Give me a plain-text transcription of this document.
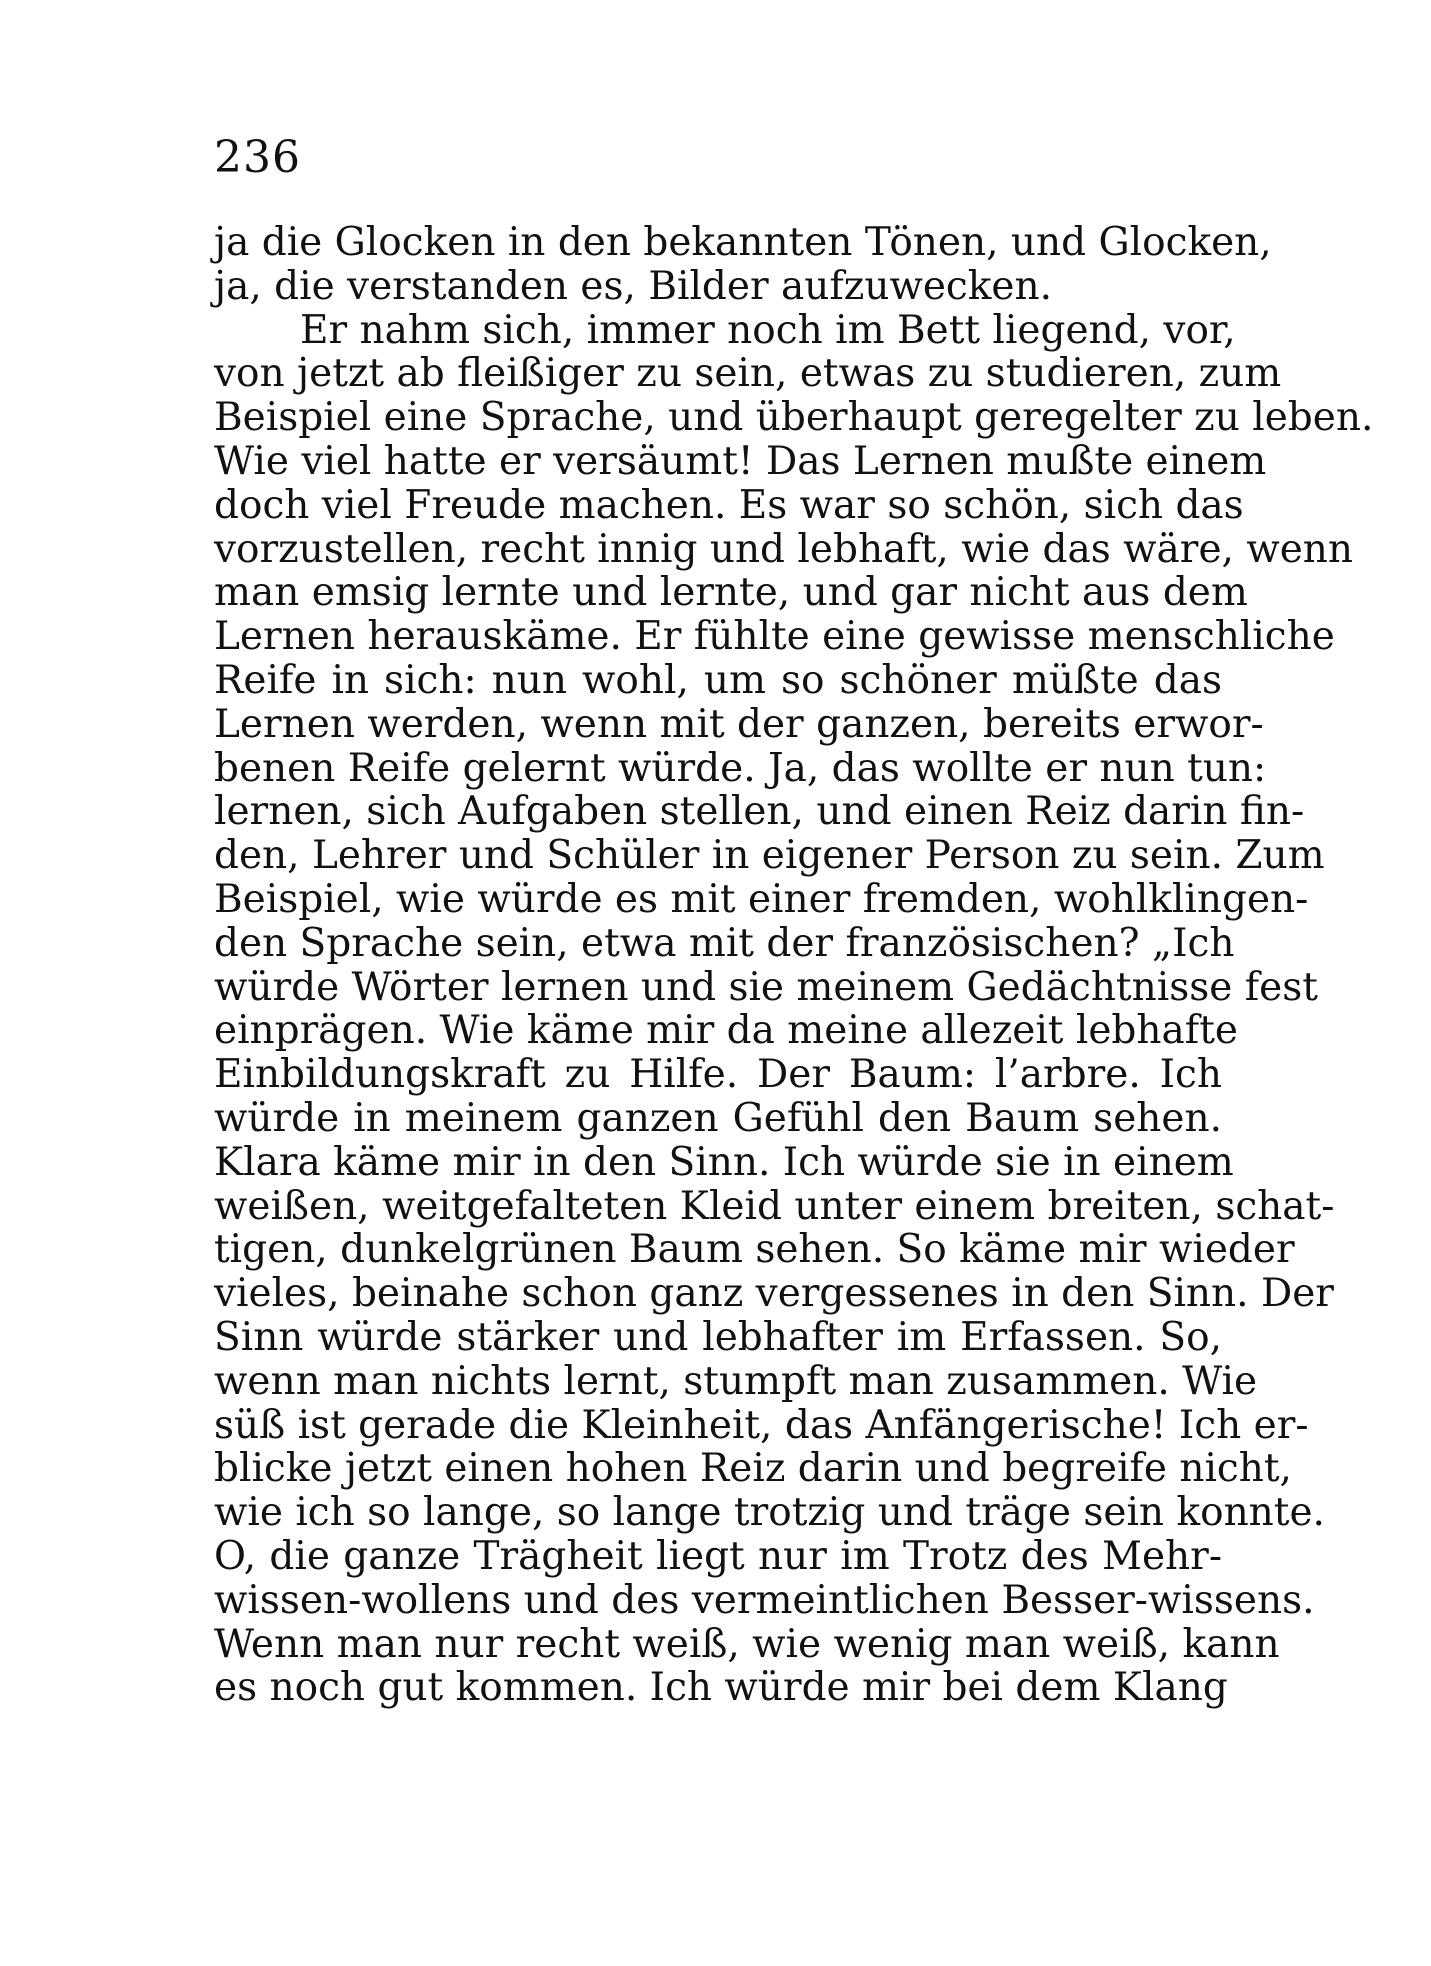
236
ja die Glocken in den bekannten Tönen, und Glocken,
ja, die verstanden es, Bilder aufzuwecken.
Er nahm sich, immer noch im Bett liegend, vor,
von jetzt ab fleißiger zu sein, etwas zu studieren, zum
Beispiel eine Sprache, und überhaupt geregelter zu leben.
Wie viel hatte er versäumt! Das Lernen mußte einem
doch viel Freude machen. Es war so schön, sich das
vorzustellen, recht innig und lebhaft, wie das wäre, wenn
man emsig lernte und lernte, und gar nicht aus dem
Lernen herauskäme. Er fühlte eine gewisse menschliche
Reife in sich: nun wohl, um so schöner müßte das
Lernen werden, wenn mit der ganzen, bereits erwor-
benen Reife gelernt würde. Ja, das wollte er nun tun:
lernen, sich Aufgaben stellen, und einen Reiz darin fin-
den, Lehrer und Schüler in eigener Person zu sein. Zum
Beispiel, wie würde es mit einer fremden, wohlklingen-
den Sprache sein, etwa mit der französischen? „Ich
würde Wörter lernen und sie meinem Gedächtnisse fest
einprägen. Wie käme mir da meine allezeit lebhafte
Einbildungskraft zu Hilfe. Der Baum: l’arbre. Ich
würde in meinem ganzen Gefühl den Baum sehen.
Klara käme mir in den Sinn. Ich würde sie in einem
weißen, weitgefalteten Kleid unter einem breiten, schat-
tigen, dunkelgrünen Baum sehen. So käme mir wieder
vieles, beinahe schon ganz vergessenes in den Sinn. Der
Sinn würde stärker und lebhafter im Erfassen. So,
wenn man nichts lernt, stumpft man zusammen. Wie
süß ist gerade die Kleinheit, das Anfängerische! Ich er-
blicke jetzt einen hohen Reiz darin und begreife nicht,
wie ich so lange, so lange trotzig und träge sein konnte.
O, die ganze Trägheit liegt nur im Trotz des Mehr-
wissen-wollens und des vermeintlichen Besser-wissens.
Wenn man nur recht weiß, wie wenig man weiß, kann
es noch gut kommen. Ich würde mir bei dem Klang
